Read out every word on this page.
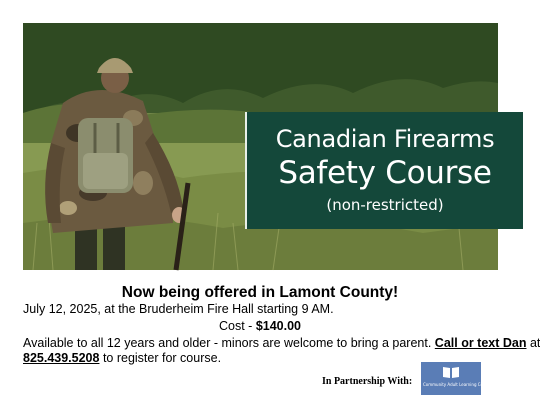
Canadian Firearms
Safety Course
(non-restricted)
Now being offered in Lamont County!
July 12, 2025, at the Bruderheim Fire Hall starting 9 AM.
Cost - $140.00
Available to all 12 years and older - minors are welcome to bring a parent. Call or text Dan at
825.439.5208 to register for course.
In Partnership With:	Community Adult Learning Council
